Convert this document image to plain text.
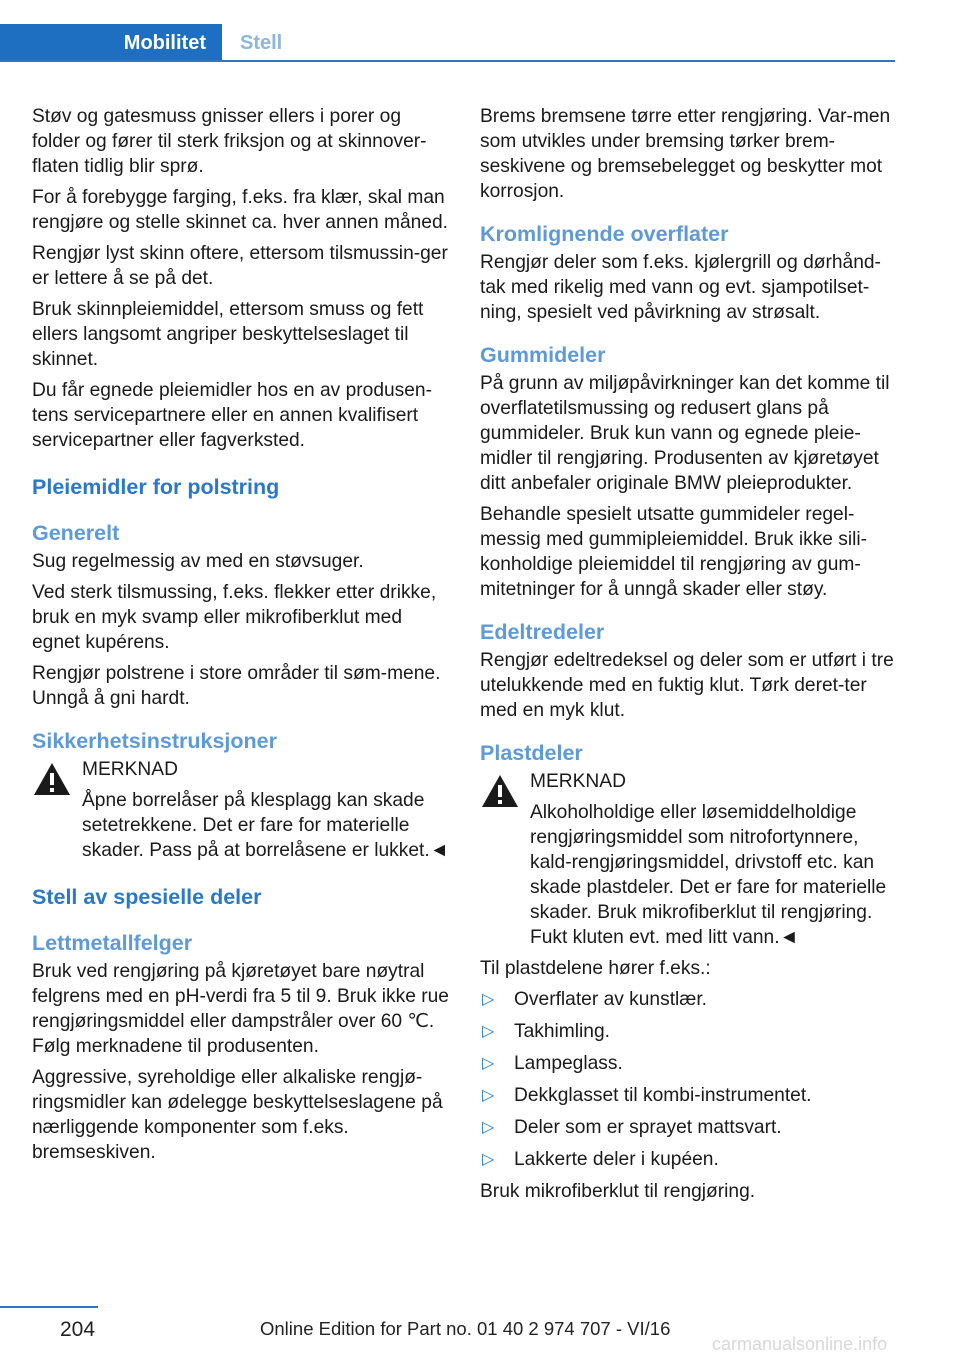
Mobilitet	Stell

Støv og gatesmuss gnisser ellers i porer og folder og fører til sterk friksjon og at skinnover‐flaten tidlig blir sprø.

For å forebygge farging, f.eks. fra klær, skal man rengjøre og stelle skinnet ca. hver annen måned.

Rengjør lyst skinn oftere, ettersom tilsmussin‐ger er lettere å se på det.

Bruk skinnpleiemiddel, ettersom smuss og fett ellers langsomt angriper beskyttelseslaget til skinnet.

Du får egnede pleiemidler hos en av produsen‐tens servicepartnere eller en annen kvalifisert servicepartner eller fagverksted.

Pleiemidler for polstring
Generelt

Sug regelmessig av med en støvsuger.

Ved sterk tilsmussing, f.eks. flekker etter drikke, bruk en myk svamp eller mikrofiberklut med egnet kupérens.

Rengjør polstrene i store områder til søm‐mene. Unngå å gni hardt.

Sikkerhetsinstruksjoner
MERKNAD

Åpne borrelåser på klesplagg kan skade setetrekkene. Det er fare for materielle skader. Pass på at borrelåsene er lukket.◄

Stell av spesielle deler
Lettmetallfelger

Bruk ved rengjøring på kjøretøyet bare nøytral felgrens med en pH-verdi fra 5 til 9. Bruk ikke rue rengjøringsmiddel eller dampstråler over 60 ℃. Følg merknadene til produsenten.

Aggressive, syreholdige eller alkaliske rengjø‐ringsmidler kan ødelegge beskyttelseslagene på nærliggende komponenter som f.eks. bremseskiven.

Brems bremsene tørre etter rengjøring. Var‐men som utvikles under bremsing tørker brem‐seskivene og bremsebelegget og beskytter mot korrosjon.

Kromlignende overflater

Rengjør deler som f.eks. kjølergrill og dørhånd‐tak med rikelig med vann og evt. sjampotilset‐ning, spesielt ved påvirkning av strøsalt.

Gummideler

På grunn av miljøpåvirkninger kan det komme til overflatetilsmussing og redusert glans på gummideler. Bruk kun vann og egnede pleie‐midler til rengjøring. Produsenten av kjøretøyet ditt anbefaler originale BMW pleieprodukter.

Behandle spesielt utsatte gummideler regel‐messig med gummipleiemiddel. Bruk ikke sili‐konholdige pleiemiddel til rengjøring av gum‐mitetninger for å unngå skader eller støy.

Edeltredeler

Rengjør edeltredeksel og deler som er utført i tre utelukkende med en fuktig klut. Tørk deret‐ter med en myk klut.

Plastdeler
MERKNAD

Alkoholholdige eller løsemiddelholdige rengjøringsmiddel som nitrofortynnere, kald‐rengjøringsmiddel, drivstoff etc. kan skade plastdeler. Det er fare for materielle skader. Bruk mikrofiberklut til rengjøring. Fukt kluten evt. med litt vann.◄

Til plastdelene hører f.eks.:

▷ Overflater av kunstlær.
▷ Takhimling.
▷ Lampeglass.
▷ Dekkglasset til kombi-instrumentet.
▷ Deler som er sprayet mattsvart.
▷ Lakkerte deler i kupéen.

Bruk mikrofiberklut til rengjøring.

204	Online Edition for Part no. 01 40 2 974 707 - VI/16
carmanualsonline.info
